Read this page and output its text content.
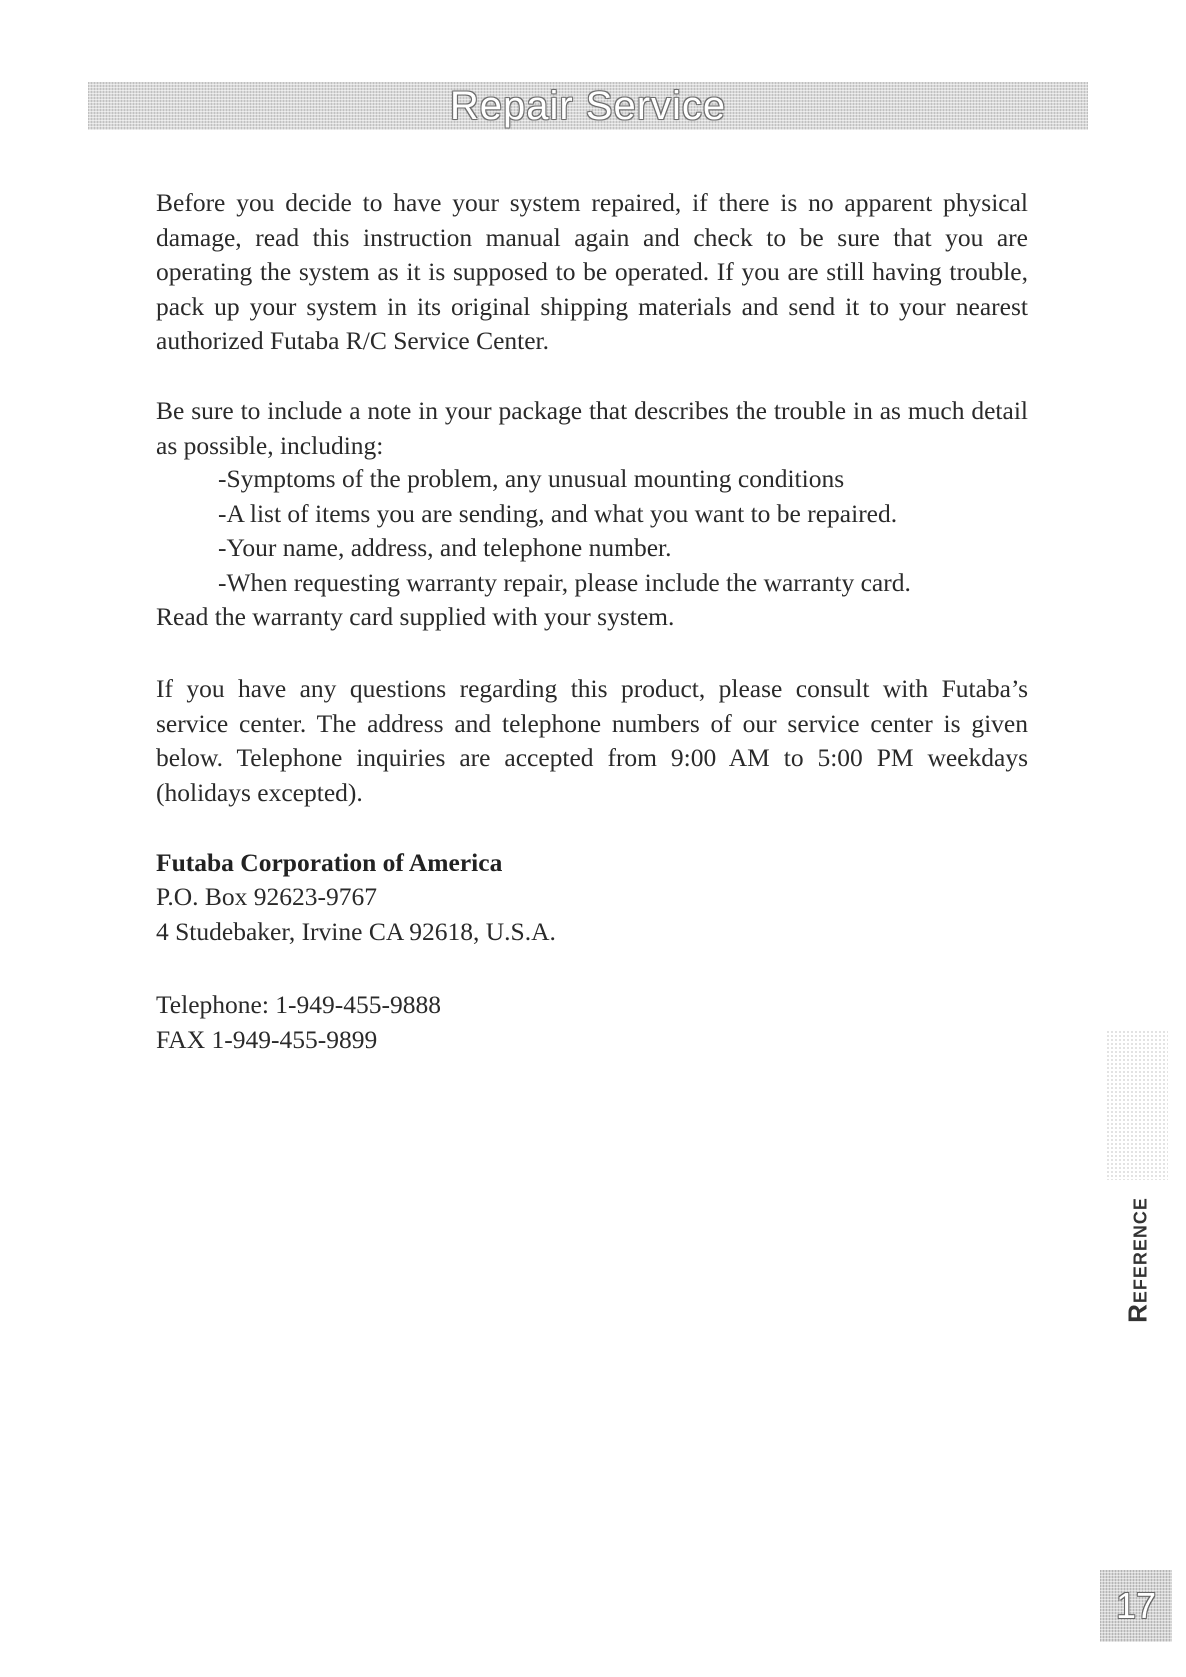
Repair Service

Before you decide to have your system repaired, if there is no apparent physical damage, read this instruction manual again and check to be sure that you are operating the system as it is supposed to be operated. If you are still having trouble, pack up your system in its original shipping materials and send it to your nearest authorized Futaba R/C Service Center.

Be sure to include a note in your package that describes the trouble in as much detail as possible, including:

-Symptoms of the problem, any unusual mounting conditions
-A list of items you are sending, and what you want to be repaired.
-Your name, address, and telephone number.
-When requesting warranty repair, please include the warranty card.

Read the warranty card supplied with your system.

If you have any questions regarding this product, please consult with Futaba’s service center. The address and telephone numbers of our service center is given below. Telephone inquiries are accepted from 9:00 AM to 5:00 PM weekdays (holidays excepted).

Futaba Corporation of America

P.O. Box 92623-9767
4 Studebaker, Irvine CA 92618, U.S.A.
Telephone: 1-949-455-9888
FAX 1-949-455-9899
Reference
17
